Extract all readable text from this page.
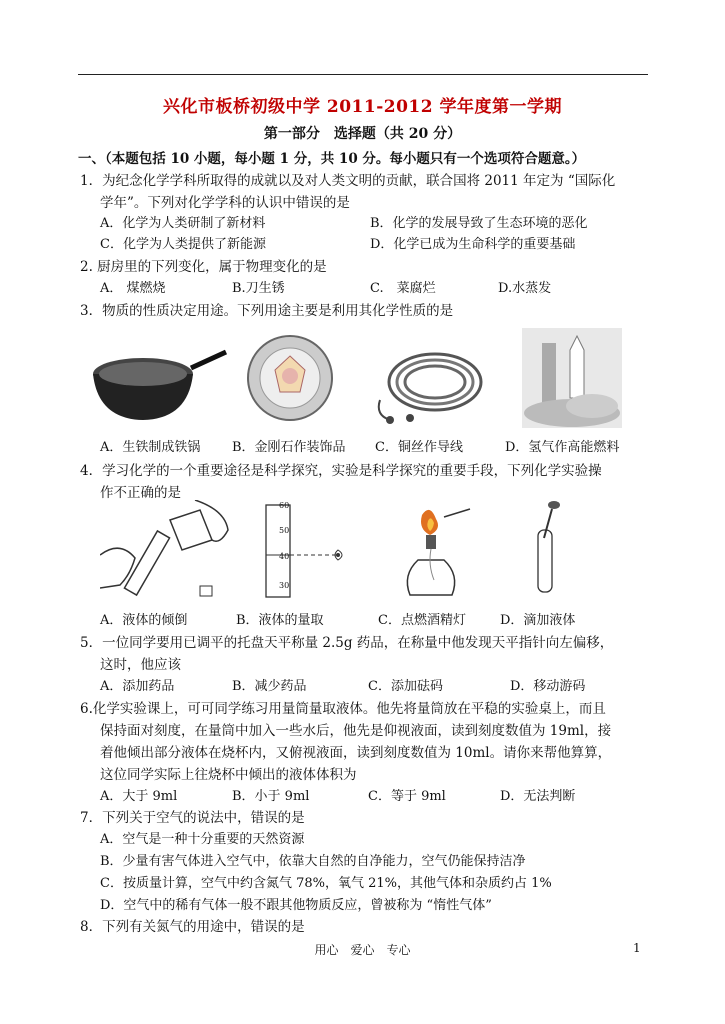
兴化市板桥初级中学 2011-2012 学年度第一学期
第一部分　选择题（共 20 分）
一、（本题包括 10 小题，每小题 1 分，共 10 分。每小题只有一个选项符合题意。）
1．为纪念化学学科所取得的成就以及对人类文明的贡献，联合国将 2011 年定为 “国际化
学年”。下列对化学学科的认识中错误的是
A．化学为人类研制了新材料	B．化学的发展导致了生态环境的恶化
C．化学为人类提供了新能源	D．化学已成为生命科学的重要基础
2. 厨房里的下列变化，属于物理变化的是
A． 煤燃烧	B.刀生锈	C.　菜腐烂	D.水蒸发
3．物质的性质决定用途。下列用途主要是利用其化学性质的是
A．生铁制成铁锅 B．金刚石作装饰品 C．铜丝作导线	D．氢气作高能燃料
4．学习化学的一个重要途径是科学探究，实验是科学探究的重要手段，下列化学实验操
作不正确的是
60
50
40
30
A．液体的倾倒	B．液体的量取	C．点燃酒精灯	D．滴加液体
5．一位同学要用已调平的托盘天平称量 2.5g 药品，在称量中他发现天平指针向左偏移，
这时，他应该
A．添加药品	B．减少药品	C．添加砝码	D．移动游码
6.化学实验课上，可可同学练习用量筒量取液体。他先将量筒放在平稳的实验桌上，而且
保持面对刻度，在量筒中加入一些水后，他先是仰视液面，读到刻度数值为 19ml，接
着他倾出部分液体在烧杯内，又俯视液面，读到刻度数值为 10ml。请你来帮他算算，
这位同学实际上往烧杯中倾出的液体体积为
A．大于 9ml	B．小于 9ml	C．等于 9ml	D．无法判断
7．下列关于空气的说法中，错误的是
A．空气是一种十分重要的天然资源
B．少量有害气体进入空气中，依靠大自然的自净能力，空气仍能保持洁净
C．按质量计算，空气中约含氮气 78%，氧气 21%，其他气体和杂质约占 1%
D．空气中的稀有气体一般不跟其他物质反应，曾被称为 “惰性气体”
8．下列有关氮气的用途中，错误的是
用心　爱心　专心	1
